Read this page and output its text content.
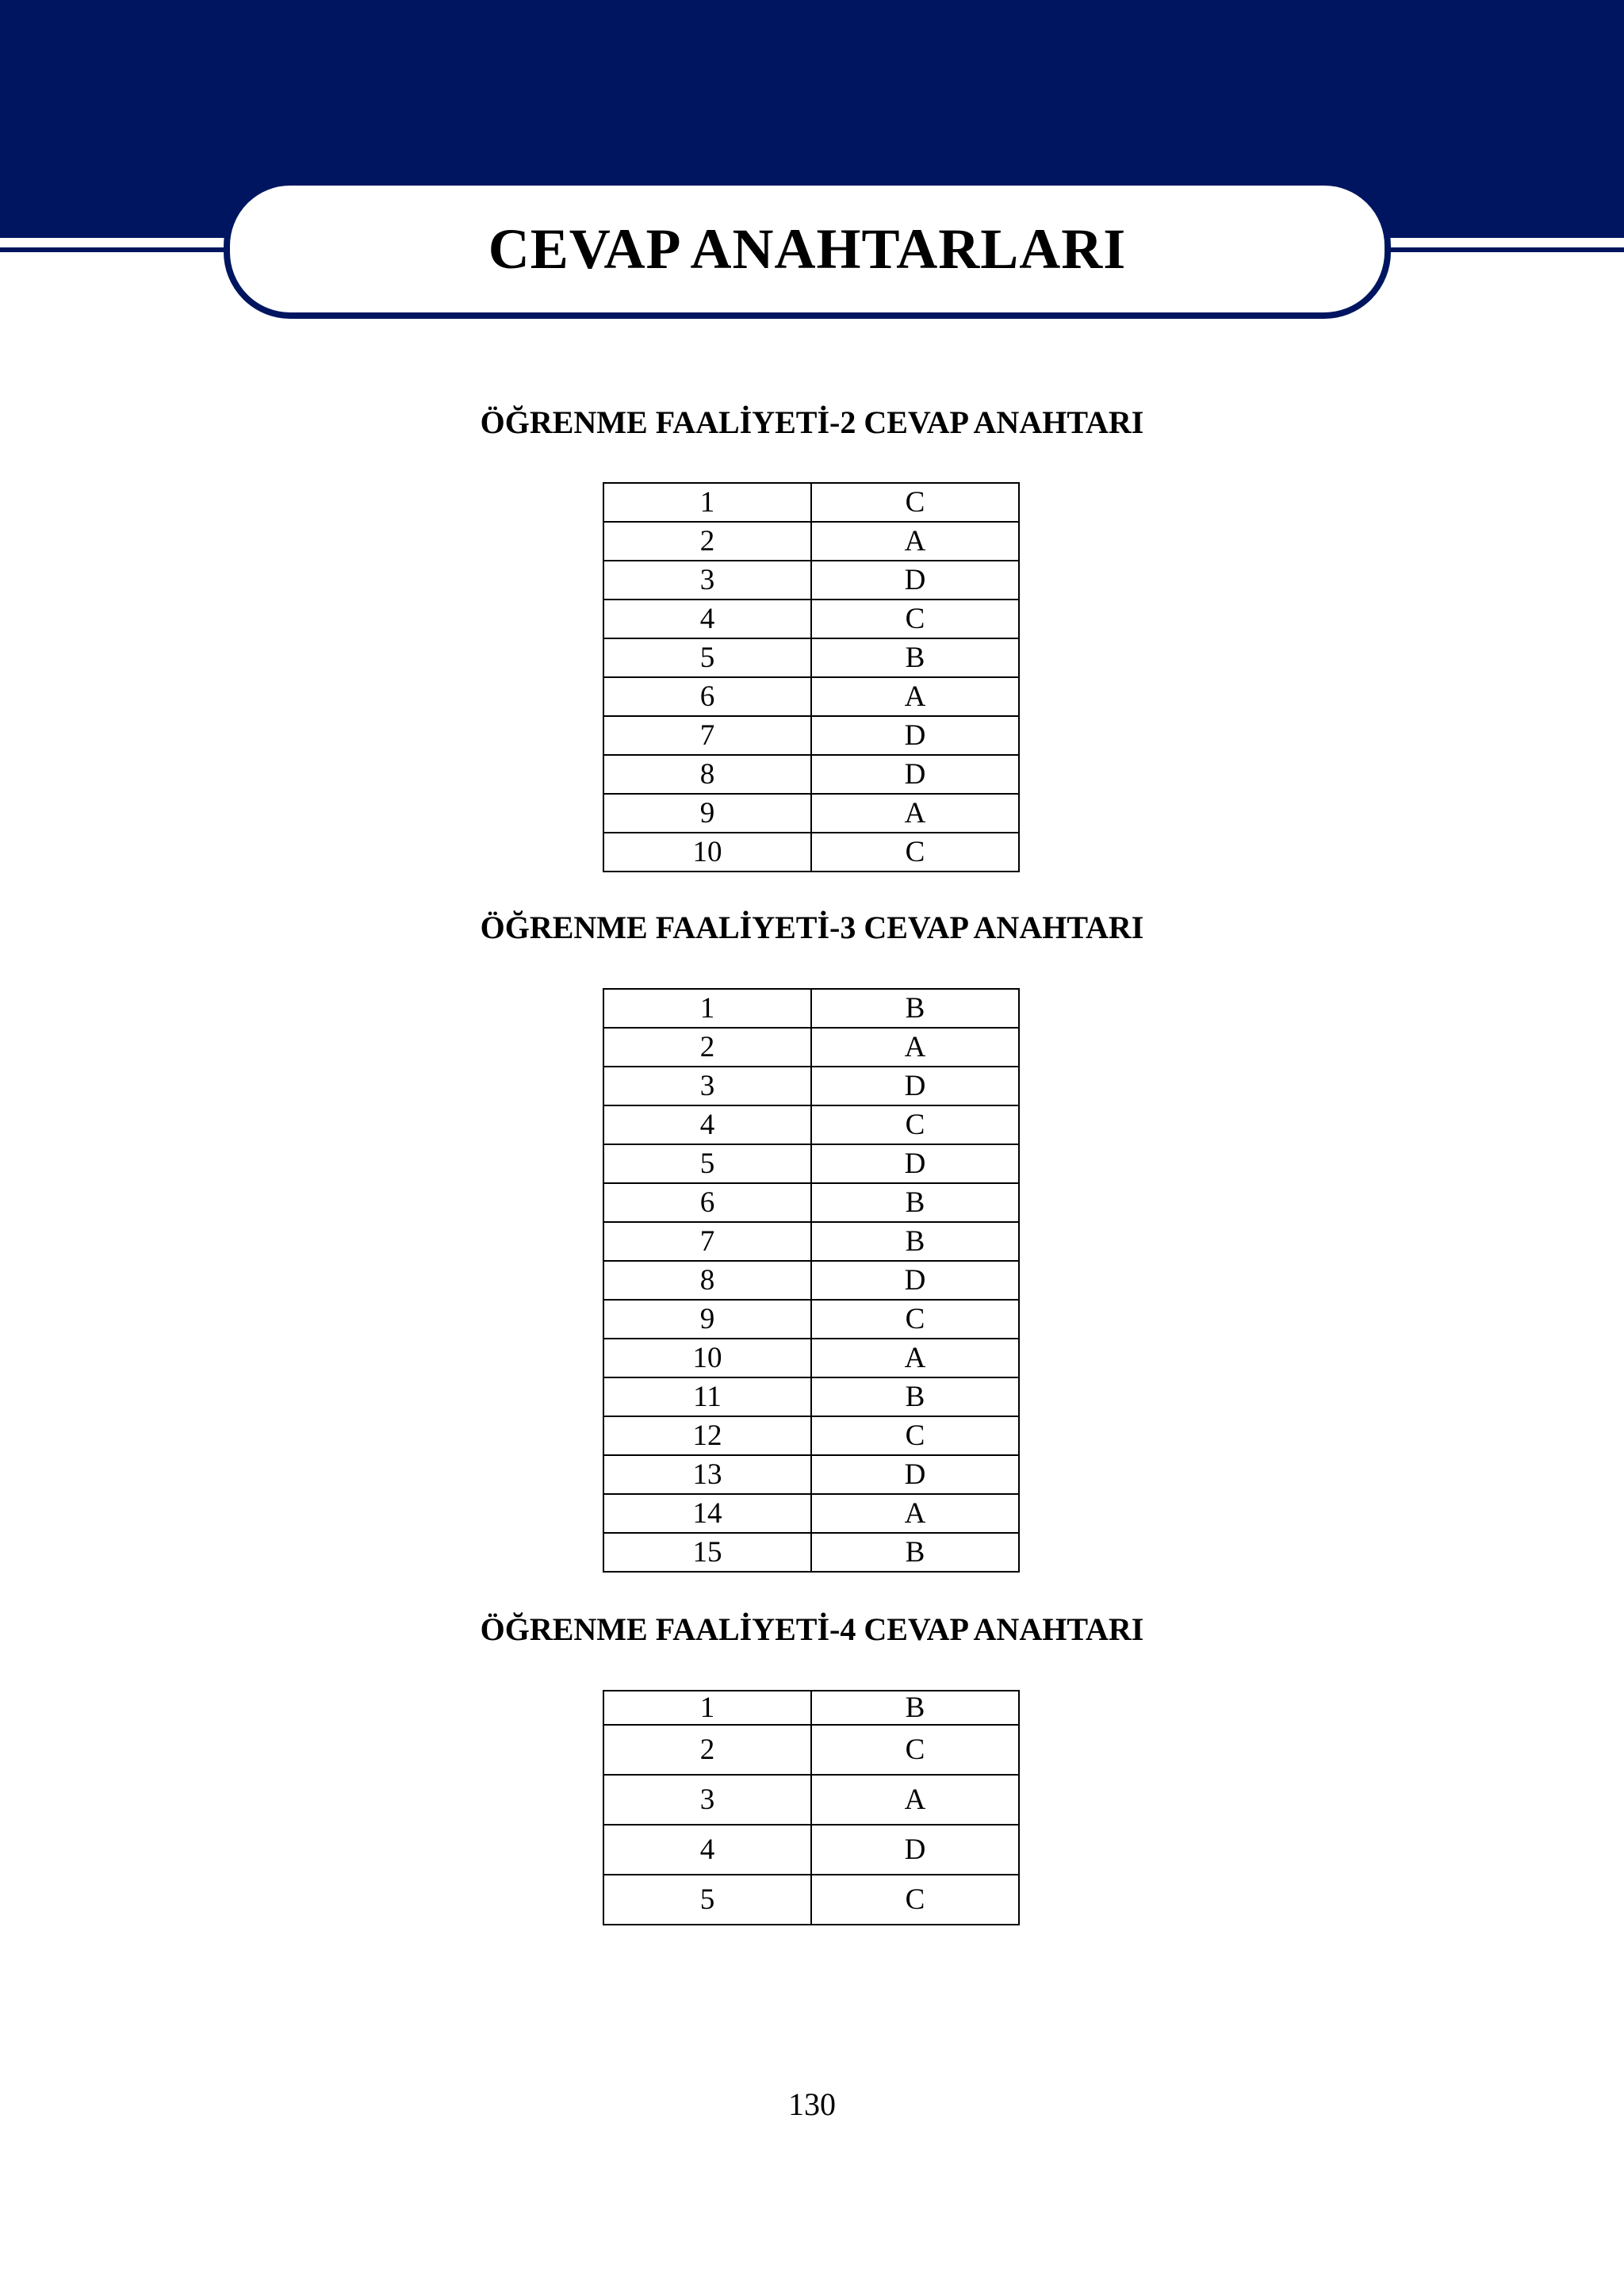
CEVAP ANAHTARLARI
ÖĞRENME FAALİYETİ-2 CEVAP ANAHTARI
1	C
2	A
3	D
4	C
5	B
6	A
7	D
8	D
9	A
10	C
ÖĞRENME FAALİYETİ-3 CEVAP ANAHTARI
1	B
2	A
3	D
4	C
5	D
6	B
7	B
8	D
9	C
10	A
11	B
12	C
13	D
14	A
15	B
ÖĞRENME FAALİYETİ-4 CEVAP ANAHTARI
1	B
2	C
3	A
4	D
5	C
130
